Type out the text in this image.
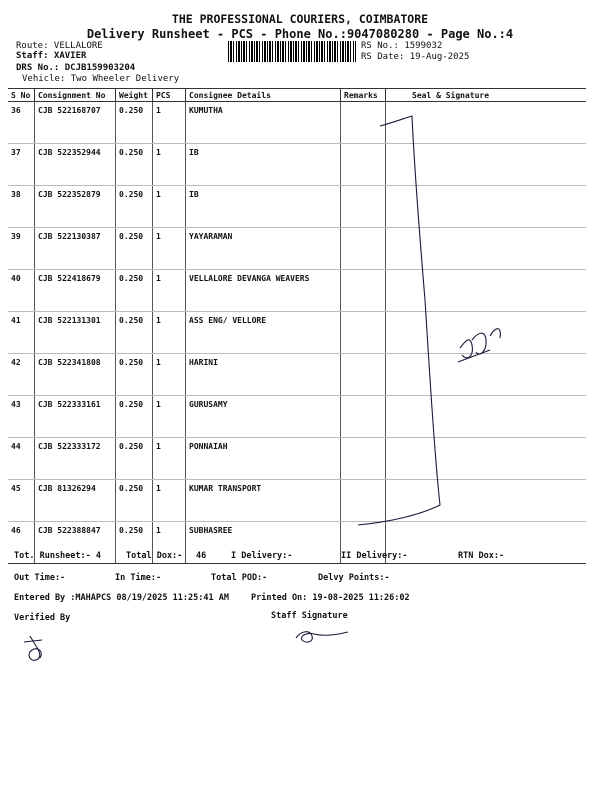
THE PROFESSIONAL COURIERS, COIMBATORE
Delivery Runsheet - PCS - Phone No.:9047080280 - Page No.:4
Route: VELLALORE
Staff: XAVIER
DRS No.: DCJB159903204
Vehicle: Two Wheeler Delivery
RS No.: 1599032
RS Date: 19-Aug-2025
S No	Consignment No	Weight	PCS	Consignee Details	Remarks	Seal & Signature
36	CJB 522168707	0.250	1	KUMUTHA		
37	CJB 522352944	0.250	1	IB		
38	CJB 522352879	0.250	1	IB		
39	CJB 522130387	0.250	1	YAYARAMAN		
40	CJB 522418679	0.250	1	VELLALORE DEVANGA WEAVERS		
41	CJB 522131301	0.250	1	ASS ENG/ VELLORE		
42	CJB 522341808	0.250	1	HARINI		
43	CJB 522333161	0.250	1	GURUSAMY		
44	CJB 522333172	0.250	1	PONNAIAH		
45	CJB 81326294	0.250	1	KUMAR TRANSPORT		
46	CJB 522388847	0.250	1	SUBHASREE		
Tot. Runsheet:- 4	Total Dox:- 46	I Delivery:-	II Delivery:-	RTN Dox:-
Out Time:-	In Time:-	Total POD:-	Delvy Points:-
Entered By :MAHAPCS 08/19/2025 11:25:41 AM	Printed On: 19-08-2025 11:26:02
Verified By	Staff Signature
